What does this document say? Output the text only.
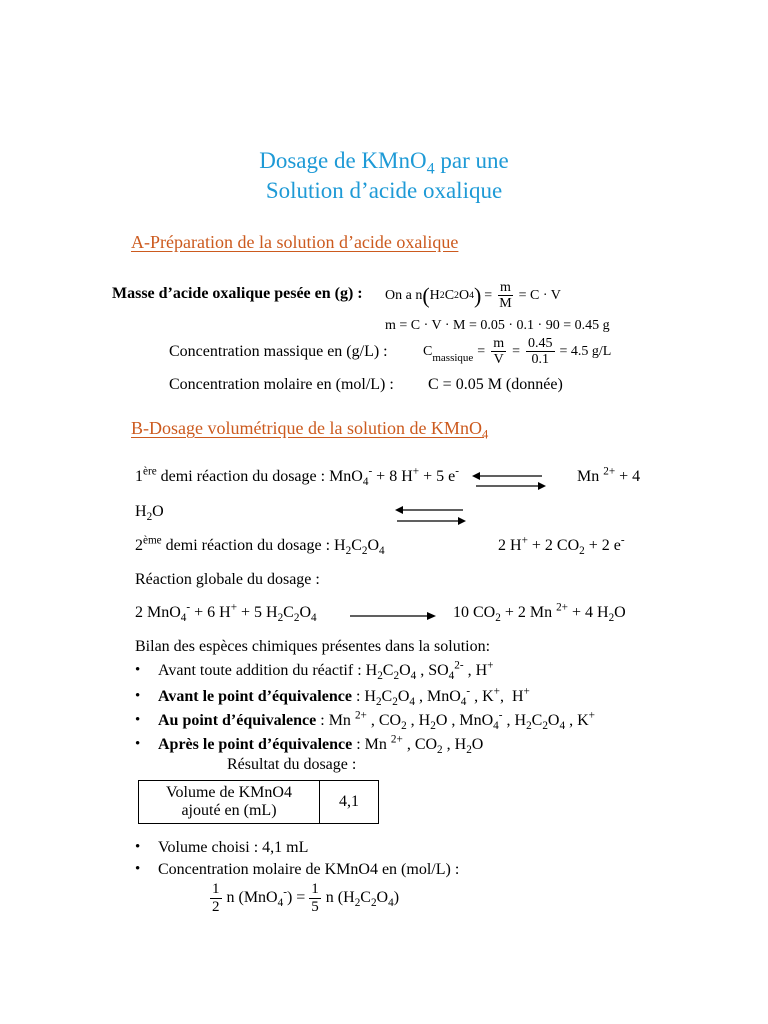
Dosage de KMnO$_4$ par une
Solution d’acide oxalique
A-Préparation de la solution d’acide oxalique
Masse d’acide oxalique pesée en (g) : On a n ( H 2 C 2 O 4 ) = $\frac{m}{M} = C \cdot V$
m = C · V · M = 0.05 · 0.1 · 90 = 0.45 g
Concentration massique en (g/L) :	$C_{massique} = \frac{m}{V} = \frac{0.45}{0.1} = 4.5$ g/L
Concentration molaire en (mol/L) : C = 0.05 M (donnée)
B-Dosage volumétrique de la solution de KMnO$_4$
1ère demi réaction du dosage : MnO$_4$- + 8 H+ + 5 e-	Mn $^{2+}$ + 4
$H_2O$
2ème demi réaction du dosage : $H_2C_2O_4$	2 H+ + 2 $CO_2 + 2$ e-
Réaction globale du dosage :
2 MnO$_4$- + 6 H+ + 5 $H_2C_2O_4$	10 $CO_2 + 2$ Mn $^{2+}$ + 4 $H_2O$
Bilan des espèces chimiques présentes dans la solution:
• Avant toute addition du réactif : $H_2C_2O_4$ , $SO_4^{2-}$ , H+
• Avant le point d’équivalence : $H_2C_2O_4$ , MnO$_4$- , K+,  H+
• Au point d’équivalence : Mn $^{2+}$ , $CO_2$ , $H_2O$ , MnO$_4$- , $H_2C_2O_4$ , K+
• Après le point d’équivalence : Mn $^{2+}$ , $CO_2$ , $H_2O$
Résultat du dosage :
Volume de KMnO4
ajouté en (mL)
	4,1
• Volume choisi : 4,1 mL
• Concentration molaire de KMnO4 en (mol/L) :
$\frac{1}{2}$ n $(MnO_4^-) = \frac{1}{5}$ n $(H_2C_2O_4)$
